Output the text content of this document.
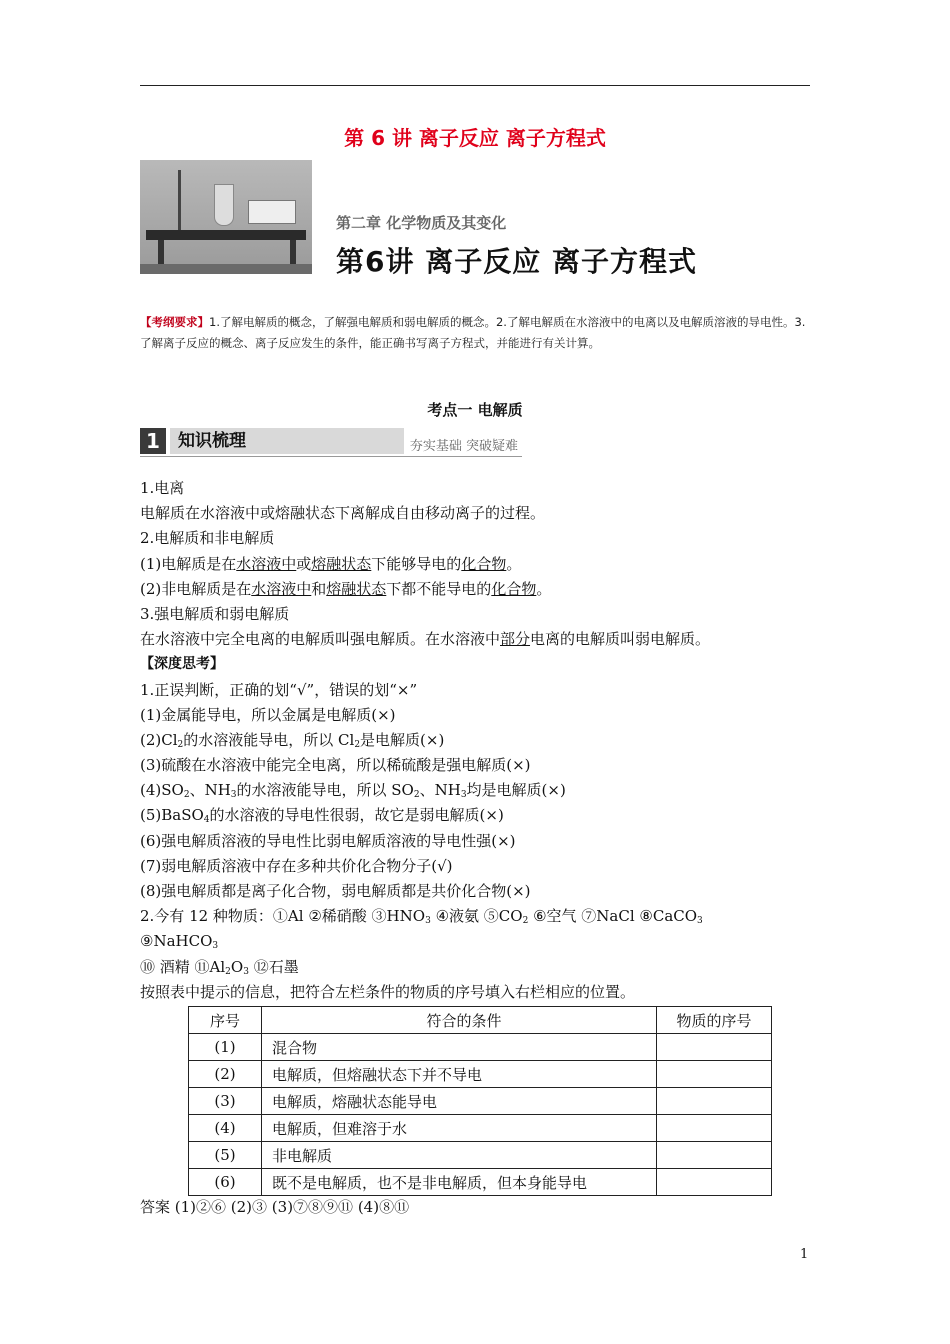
第 6 讲 离子反应 离子方程式
第二章 化学物质及其变化
第6讲 离子反应 离子方程式
【考纲要求】1.了解电解质的概念，了解强电解质和弱电解质的概念。2.了解电解质在水溶液中的电离以及电解质溶液的导电性。3.了解离子反应的概念、离子反应发生的条件，能正确书写离子方程式，并能进行有关计算。
考点一 电解质
1	知识梳理	夯实基础 突破疑难
1.电离
电解质在水溶液中或熔融状态下离解成自由移动离子的过程。
2.电解质和非电解质
(1)电解质是在水溶液中或熔融状态下能够导电的化合物。
(2)非电解质是在水溶液中和熔融状态下都不能导电的化合物。
3.强电解质和弱电解质
在水溶液中完全电离的电解质叫强电解质。在水溶液中部分电离的电解质叫弱电解质。
【深度思考】
1.正误判断，正确的划“√”，错误的划“×”
(1)金属能导电，所以金属是电解质(×)
$(2)Cl_2$的水溶液能导电，所以 $Cl_2$是电解质(×)
(3)硫酸在水溶液中能完全电离，所以稀硫酸是强电解质(×)
$(4)SO_2$、$NH_3$的水溶液能导电，所以 $SO_2$、$NH_3$均是电解质(×)
(5)BaSO$_4$的水溶液的导电性很弱，故它是弱电解质(×)
(6)强电解质溶液的导电性比弱电解质溶液的导电性强(×)
(7)弱电解质溶液中存在多种共价化合物分子(√)
(8)强电解质都是离子化合物，弱电解质都是共价化合物(×)
2.今有 12 种物质：①Al ②稀硝酸 $③HNO_3$ ④液氨 $⑤CO_2$ ⑥空气 ⑦NaCl ⑧CaCO$_3$
⑨NaHCO$_3$
⑩ 酒精 $⑪Al_2O_3$ ⑫石墨
按照表中提示的信息，把符合左栏条件的物质的序号填入右栏相应的位置。
序号	符合的条件	物质的序号
(1)	混合物	
(2)	电解质，但熔融状态下并不导电	
(3)	电解质，熔融状态能导电	
(4)	电解质，但难溶于水	
(5)	非电解质	
(6)	既不是电解质，也不是非电解质，但本身能导电	
答案 (1)②⑥ (2)③ (3)⑦⑧⑨⑪ (4)⑧⑪
1
